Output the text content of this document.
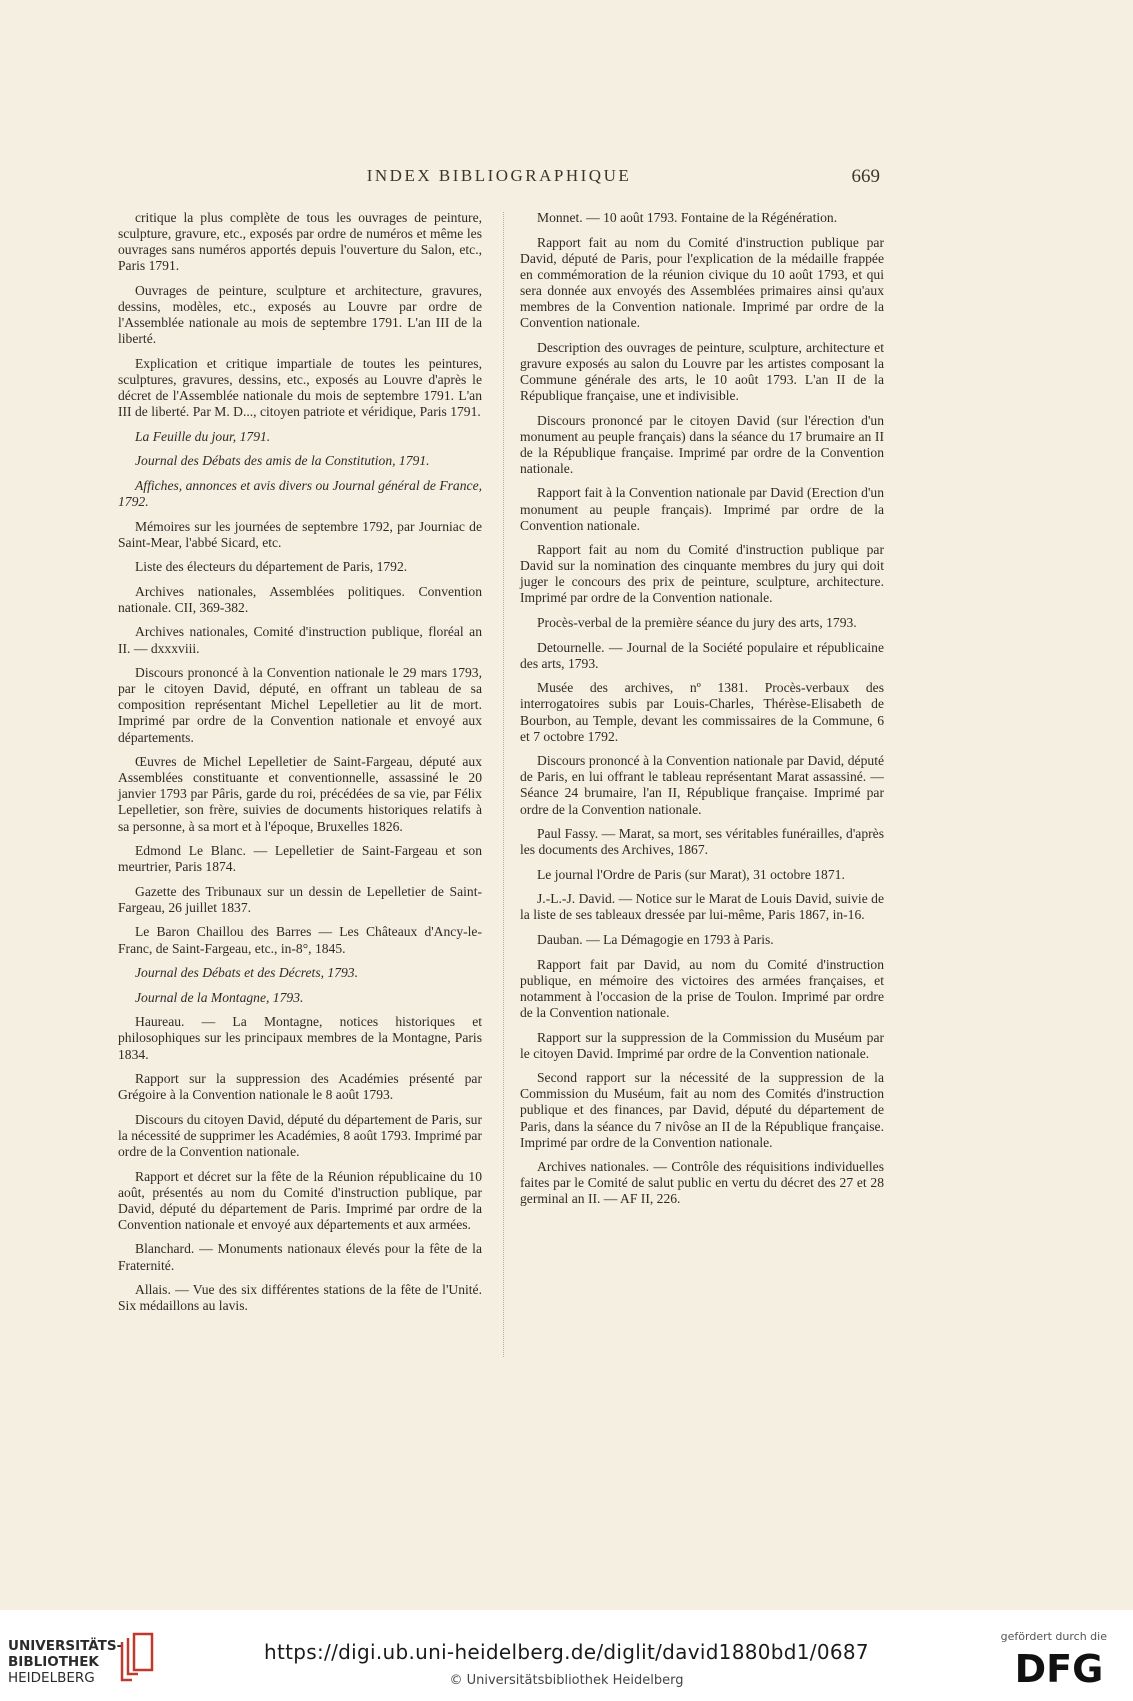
INDEX BIBLIOGRAPHIQUE	669

critique la plus complète de tous les ouvrages de peinture, sculpture, gravure, etc., exposés par ordre de numéros et même les ouvrages sans numéros apportés depuis l'ouverture du Salon, etc., Paris 1791.

Ouvrages de peinture, sculpture et architecture, gravures, dessins, modèles, etc., exposés au Louvre par ordre de l'Assemblée nationale au mois de septembre 1791. L'an III de la liberté.

Explication et critique impartiale de toutes les peintures, sculptures, gravures, dessins, etc., exposés au Louvre d'après le décret de l'Assemblée nationale du mois de septembre 1791. L'an III de liberté. Par M. D..., citoyen patriote et véridique, Paris 1791.

La Feuille du jour, 1791.

Journal des Débats des amis de la Constitution, 1791.

Affiches, annonces et avis divers ou Journal général de France, 1792.

Mémoires sur les journées de septembre 1792, par Journiac de Saint-Mear, l'abbé Sicard, etc.

Liste des électeurs du département de Paris, 1792.

Archives nationales, Assemblées politiques. Convention nationale. CII, 369-382.

Archives nationales, Comité d'instruction publique, floréal an II. — dxxxviii.

Discours prononcé à la Convention nationale le 29 mars 1793, par le citoyen David, député, en offrant un tableau de sa composition représentant Michel Lepelletier au lit de mort. Imprimé par ordre de la Convention nationale et envoyé aux départements.

Œuvres de Michel Lepelletier de Saint-Fargeau, député aux Assemblées constituante et conventionnelle, assassiné le 20 janvier 1793 par Pâris, garde du roi, précédées de sa vie, par Félix Lepelletier, son frère, suivies de documents historiques relatifs à sa personne, à sa mort et à l'époque, Bruxelles 1826.

Edmond Le Blanc. — Lepelletier de Saint-Fargeau et son meurtrier, Paris 1874.

Gazette des Tribunaux sur un dessin de Lepelletier de Saint-Fargeau, 26 juillet 1837.

Le Baron Chaillou des Barres — Les Châteaux d'Ancy-le-Franc, de Saint-Fargeau, etc., in-8°, 1845.

Journal des Débats et des Décrets, 1793.

Journal de la Montagne, 1793.

Haureau. — La Montagne, notices historiques et philosophiques sur les principaux membres de la Montagne, Paris 1834.

Rapport sur la suppression des Académies présenté par Grégoire à la Convention nationale le 8 août 1793.

Discours du citoyen David, député du département de Paris, sur la nécessité de supprimer les Académies, 8 août 1793. Imprimé par ordre de la Convention nationale.

Rapport et décret sur la fête de la Réunion républicaine du 10 août, présentés au nom du Comité d'instruction publique, par David, député du département de Paris. Imprimé par ordre de la Convention nationale et envoyé aux départements et aux armées.

Blanchard. — Monuments nationaux élevés pour la fête de la Fraternité.

Allais. — Vue des six différentes stations de la fête de l'Unité. Six médaillons au lavis.

Monnet. — 10 août 1793. Fontaine de la Régénération.

Rapport fait au nom du Comité d'instruction publique par David, député de Paris, pour l'explication de la médaille frappée en commémoration de la réunion civique du 10 août 1793, et qui sera donnée aux envoyés des Assemblées primaires ainsi qu'aux membres de la Convention nationale. Imprimé par ordre de la Convention nationale.

Description des ouvrages de peinture, sculpture, architecture et gravure exposés au salon du Louvre par les artistes composant la Commune générale des arts, le 10 août 1793. L'an II de la République française, une et indivisible.

Discours prononcé par le citoyen David (sur l'érection d'un monument au peuple français) dans la séance du 17 brumaire an II de la République française. Imprimé par ordre de la Convention nationale.

Rapport fait à la Convention nationale par David (Erection d'un monument au peuple français). Imprimé par ordre de la Convention nationale.

Rapport fait au nom du Comité d'instruction publique par David sur la nomination des cinquante membres du jury qui doit juger le concours des prix de peinture, sculpture, architecture. Imprimé par ordre de la Convention nationale.

Procès-verbal de la première séance du jury des arts, 1793.

Detournelle. — Journal de la Société populaire et républicaine des arts, 1793.

Musée des archives, nº 1381. Procès-verbaux des interrogatoires subis par Louis-Charles, Thérèse-Elisabeth de Bourbon, au Temple, devant les commissaires de la Commune, 6 et 7 octobre 1792.

Discours prononcé à la Convention nationale par David, député de Paris, en lui offrant le tableau représentant Marat assassiné. — Séance 24 brumaire, l'an II, République française. Imprimé par ordre de la Convention nationale.

Paul Fassy. — Marat, sa mort, ses véritables funérailles, d'après les documents des Archives, 1867.

Le journal l'Ordre de Paris (sur Marat), 31 octobre 1871.

J.-L.-J. David. — Notice sur le Marat de Louis David, suivie de la liste de ses tableaux dressée par lui-même, Paris 1867, in-16.

Dauban. — La Démagogie en 1793 à Paris.

Rapport fait par David, au nom du Comité d'instruction publique, en mémoire des victoires des armées françaises, et notamment à l'occasion de la prise de Toulon. Imprimé par ordre de la Convention nationale.

Rapport sur la suppression de la Commission du Muséum par le citoyen David. Imprimé par ordre de la Convention nationale.

Second rapport sur la nécessité de la suppression de la Commission du Muséum, fait au nom des Comités d'instruction publique et des finances, par David, député du département de Paris, dans la séance du 7 nivôse an II de la République française. Imprimé par ordre de la Convention nationale.

Archives nationales. — Contrôle des réquisitions individuelles faites par le Comité de salut public en vertu du décret des 27 et 28 germinal an II. — AF II, 226.

UNIVERSITÄTS-
BIBLIOTHEK
HEIDELBERG
https://digi.ub.uni-heidelberg.de/diglit/david1880bd1/0687
© Universitätsbibliothek Heidelberg
gefördert durch die
DFG
